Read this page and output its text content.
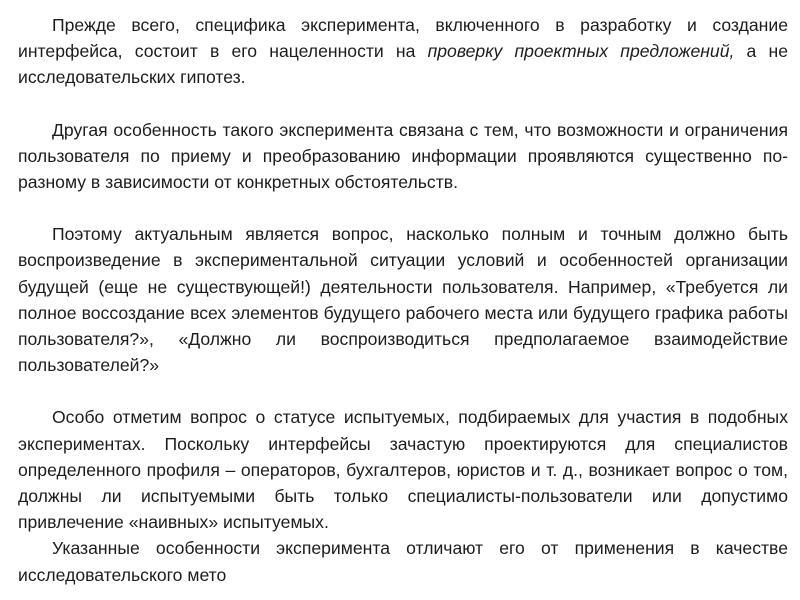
Прежде всего, специфика эксперимента, включенного в разработку и создание интерфейса, состоит в его нацеленности на проверку проектных предложений, а не исследовательских гипотез.

Другая особенность такого эксперимента связана с тем, что возможности и ограничения пользователя по приему и преобразованию информации проявляются существенно по-разному в зависимости от конкретных обстоятельств.

Поэтому актуальным является вопрос, насколько полным и точным должно быть воспроизведение в экспериментальной ситуации условий и особенностей организации будущей (еще не существующей!) деятельности пользователя. Например, «Требуется ли полное воссоздание всех элементов будущего рабочего места или будущего графика работы пользователя?», «Должно ли воспроизводиться предполагаемое взаимодействие пользователей?»

Особо отметим вопрос о статусе испытуемых, подбираемых для участия в подобных экспериментах. Поскольку интерфейсы зачастую проектируются для специалистов определенного профиля – операторов, бухгалтеров, юристов и т. д., возникает вопрос о том, должны ли испытуемыми быть только специалисты-пользователи или допустимо привлечение «наивных» испытуемых.

Указанные особенности эксперимента отличают его от применения в качестве исследовательского мето
